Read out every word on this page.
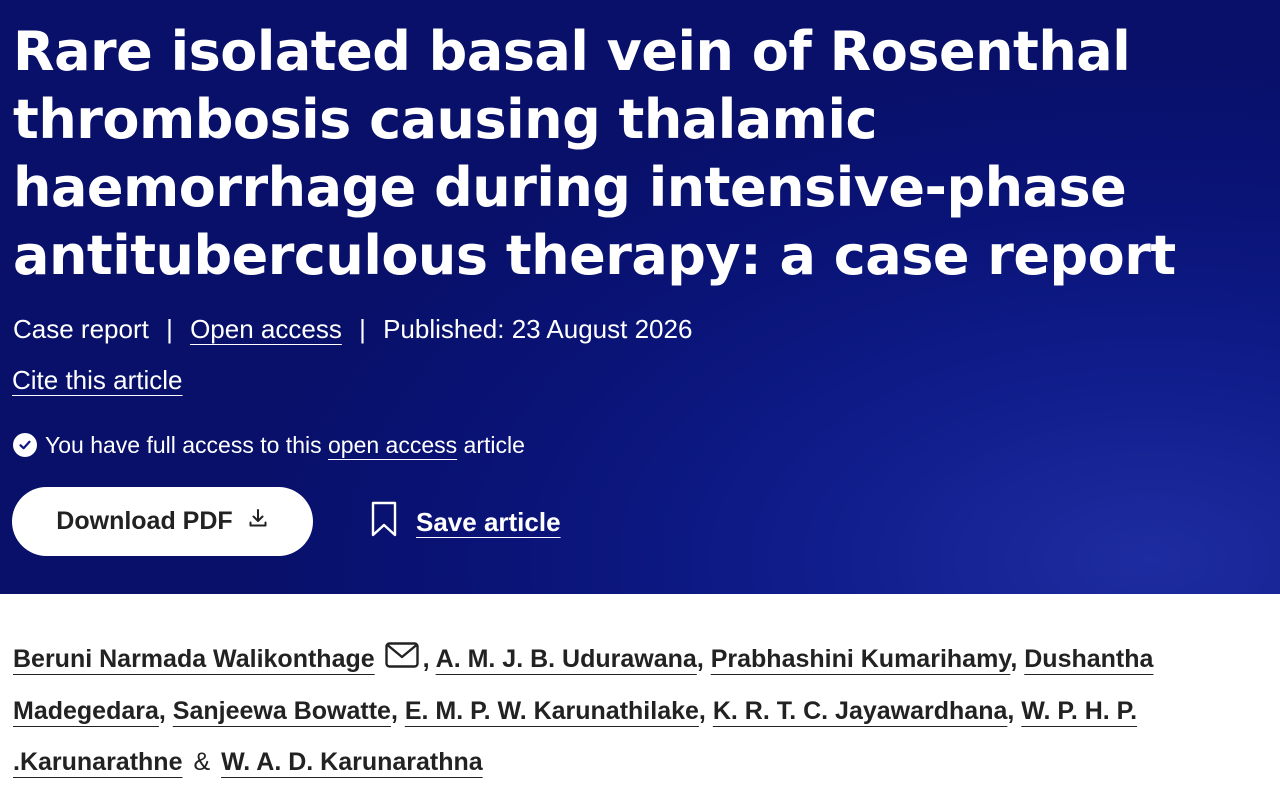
Rare isolated basal vein of Rosenthal thrombosis causing thalamic haemorrhage during intensive-phase antituberculous therapy: a case report
Case report | Open access | Published: 23 August 2026
Cite this article
You have full access to this
open access
article
Download PDF	Save article
Beruni Narmada Walikonthage , A. M. J. B. Udurawana, Prabhashini Kumarihamy, Dushantha Madegedara, Sanjeewa Bowatte, E. M. P. W. Karunathilake, K. R. T. C. Jayawardhana, W. P. H. P. .Karunarathne & W. A. D. Karunarathna
